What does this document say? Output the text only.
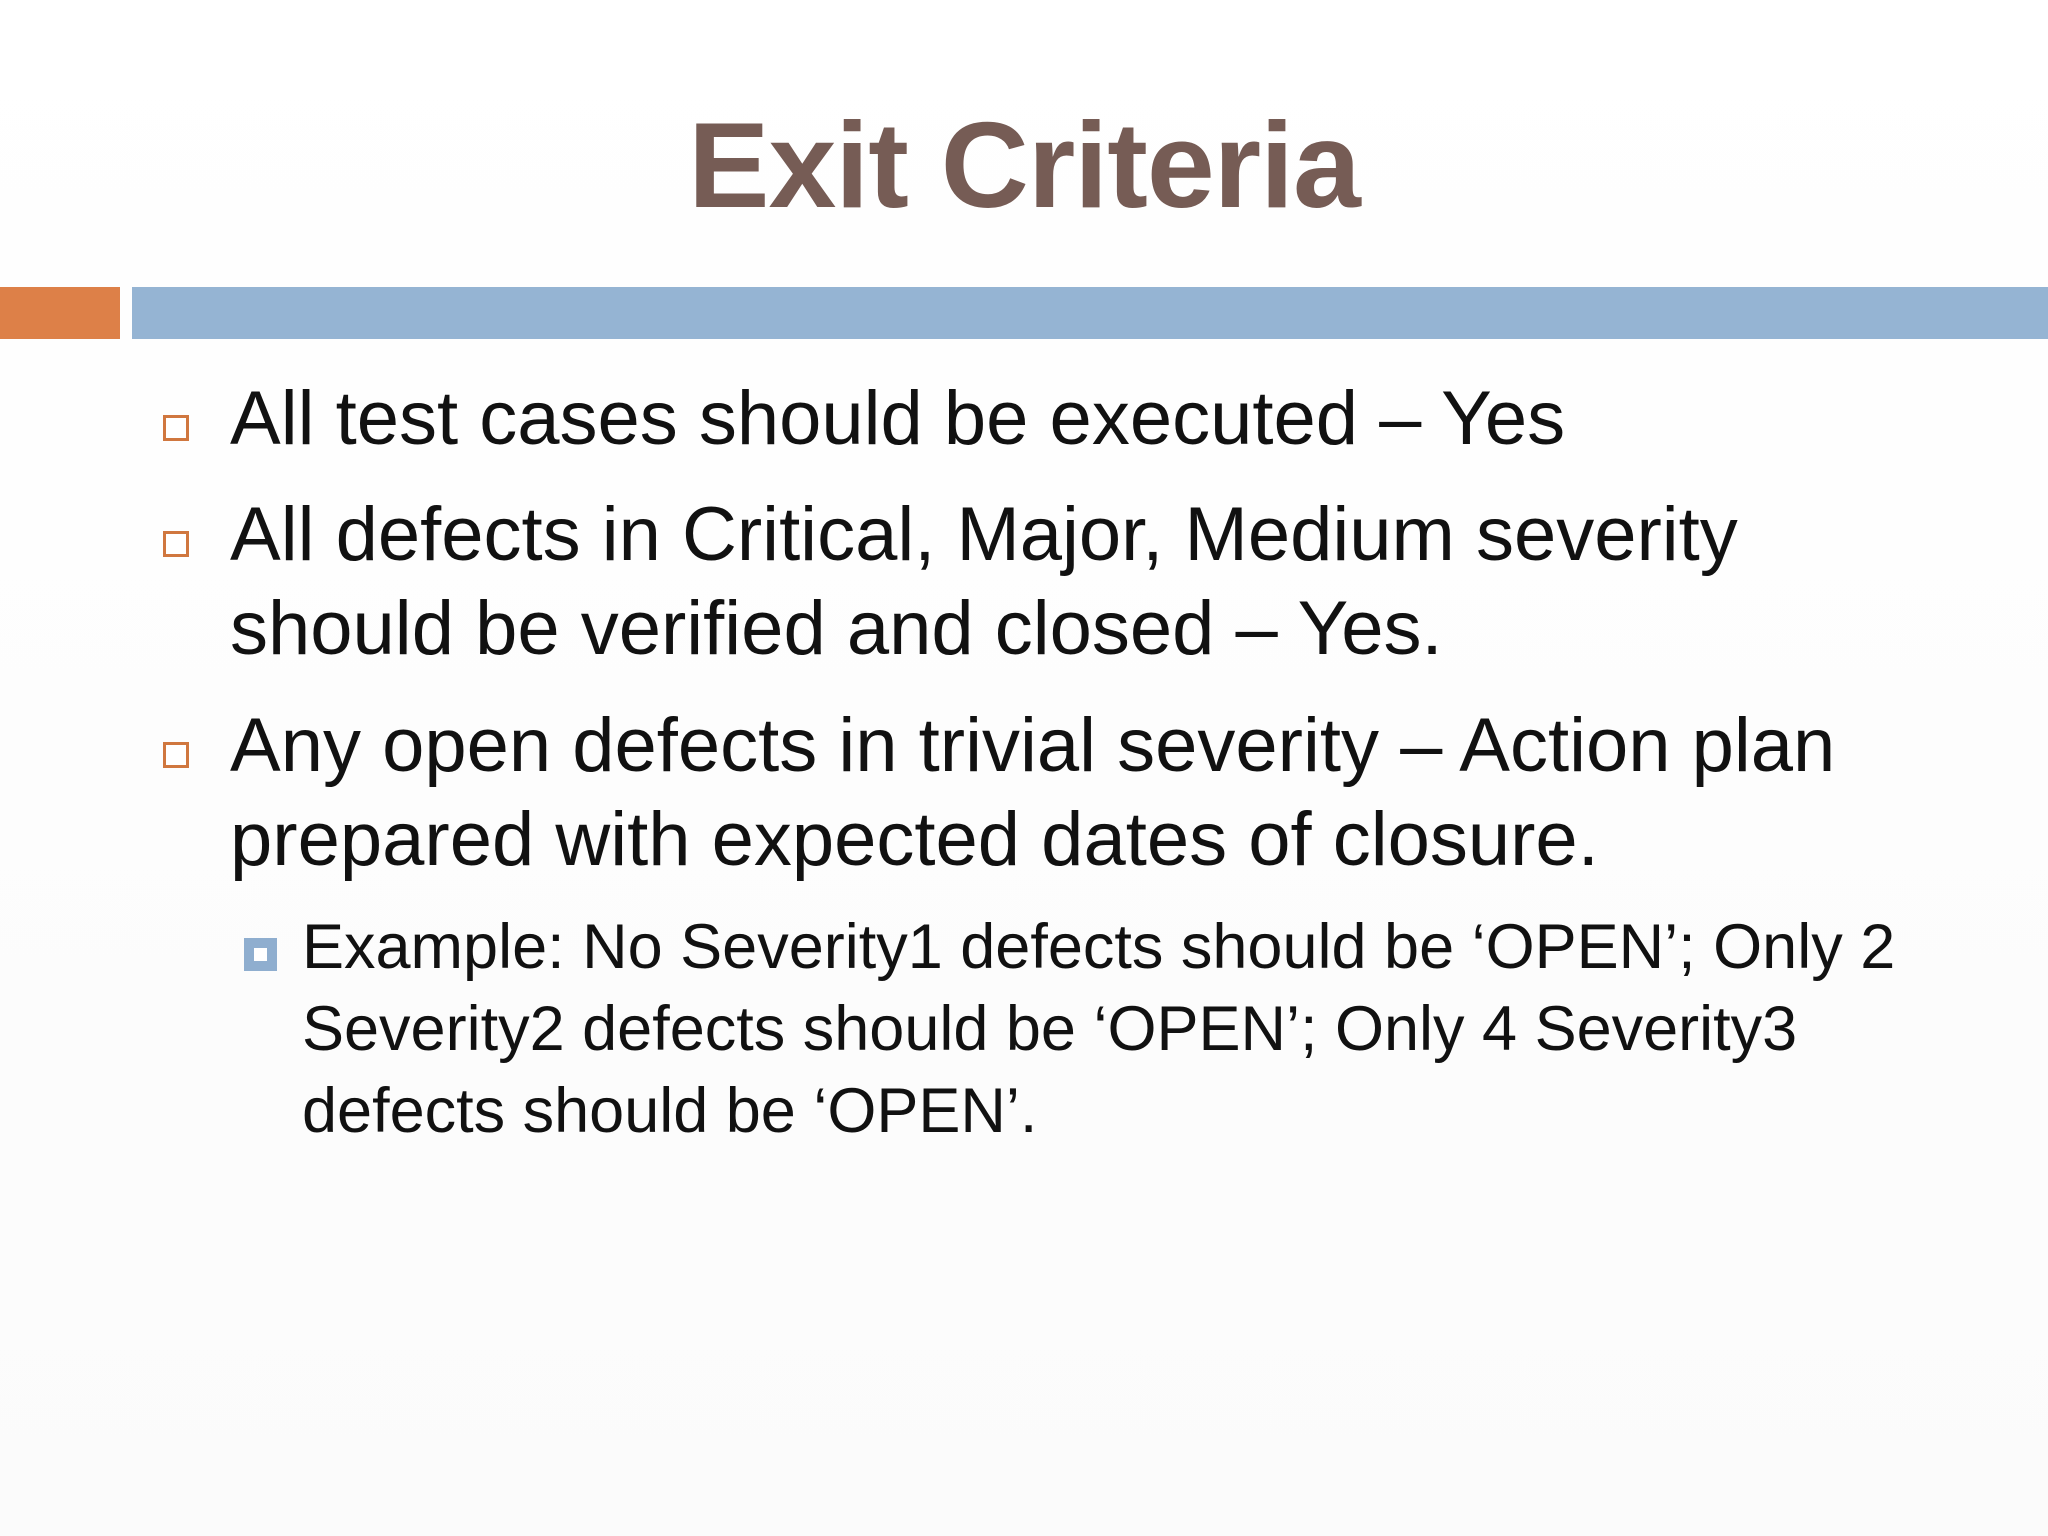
Exit Criteria
All test cases should be executed – Yes
All defects in Critical, Major, Medium severity should be verified and closed – Yes.
Any open defects in trivial severity – Action plan prepared with expected dates of closure.
Example: No Severity1 defects should be ‘OPEN’; Only 2 Severity2 defects should be ‘OPEN’; Only 4 Severity3 defects should be ‘OPEN’.
